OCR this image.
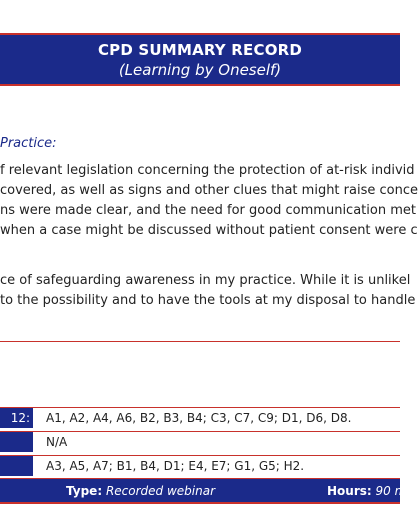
CPD SUMMARY RECORD
(Learning by Oneself)
Practice:
f relevant legislation concerning the protection of at-risk individ
covered, as well as signs and other clues that might raise conce
ns were made clear, and the need for good communication met
when a case might be discussed without patient consent were c
ce of safeguarding awareness in my practice. While it is unlikel
to the possibility and to have the tools at my disposal to handle
12: A1, A2, A4, A6, B2, B3, B4; C3, C7, C9; D1, D6, D8.
N/A
A3, A5, A7; B1, B4, D1; E4, E7; G1, G5; H2.
Type: Recorded webinar	Hours: 90 m
